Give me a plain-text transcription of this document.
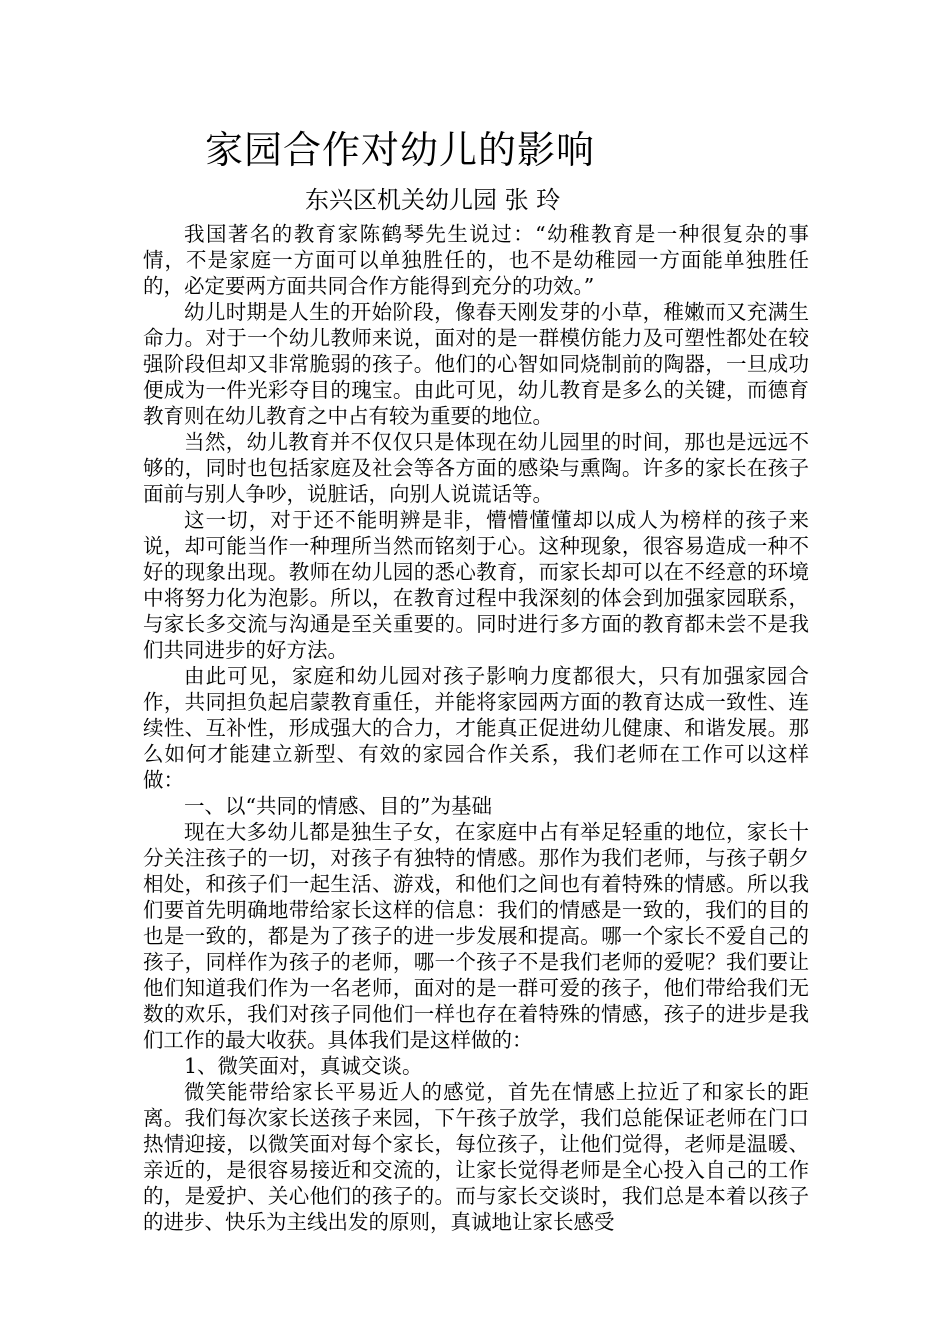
家园合作对幼儿的影响
东兴区机关幼儿园 张 玲

我国著名的教育家陈鹤琴先生说过：“幼稚教育是一种很复杂的事情，不是家庭一方面可以单独胜任的，也不是幼稚园一方面能单独胜任的，必定要两方面共同合作方能得到充分的功效。”

幼儿时期是人生的开始阶段，像春天刚发芽的小草，稚嫩而又充满生命力。对于一个幼儿教师来说，面对的是一群模仿能力及可塑性都处在较强阶段但却又非常脆弱的孩子。他们的心智如同烧制前的陶器，一旦成功便成为一件光彩夺目的瑰宝。由此可见，幼儿教育是多么的关键，而德育教育则在幼儿教育之中占有较为重要的地位。

当然，幼儿教育并不仅仅只是体现在幼儿园里的时间，那也是远远不够的，同时也包括家庭及社会等各方面的感染与熏陶。许多的家长在孩子面前与别人争吵，说脏话，向别人说谎话等。

这一切，对于还不能明辨是非，懵懵懂懂却以成人为榜样的孩子来说，却可能当作一种理所当然而铭刻于心。这种现象，很容易造成一种不好的现象出现。教师在幼儿园的悉心教育，而家长却可以在不经意的环境中将努力化为泡影。所以，在教育过程中我深刻的体会到加强家园联系，与家长多交流与沟通是至关重要的。同时进行多方面的教育都未尝不是我们共同进步的好方法。

由此可见，家庭和幼儿园对孩子影响力度都很大，只有加强家园合作，共同担负起启蒙教育重任，并能将家园两方面的教育达成一致性、连续性、互补性，形成强大的合力，才能真正促进幼儿健康、和谐发展。那么如何才能建立新型、有效的家园合作关系，我们老师在工作可以这样做：

一、以“共同的情感、目的”为基础

现在大多幼儿都是独生子女，在家庭中占有举足轻重的地位，家长十分关注孩子的一切，对孩子有独特的情感。那作为我们老师，与孩子朝夕相处，和孩子们一起生活、游戏，和他们之间也有着特殊的情感。所以我们要首先明确地带给家长这样的信息：我们的情感是一致的，我们的目的也是一致的，都是为了孩子的进一步发展和提高。哪一个家长不爱自己的孩子，同样作为孩子的老师，哪一个孩子不是我们老师的爱呢？我们要让他们知道我们作为一名老师，面对的是一群可爱的孩子，他们带给我们无数的欢乐，我们对孩子同他们一样也存在着特殊的情感，孩子的进步是我们工作的最大收获。具体我们是这样做的：

1、微笑面对，真诚交谈。

微笑能带给家长平易近人的感觉，首先在情感上拉近了和家长的距离。我们每次家长送孩子来园，下午孩子放学，我们总能保证老师在门口热情迎接，以微笑面对每个家长，每位孩子，让他们觉得，老师是温暖、亲近的，是很容易接近和交流的，让家长觉得老师是全心投入自己的工作的，是爱护、关心他们的孩子的。而与家长交谈时，我们总是本着以孩子的进步、快乐为主线出发的原则，真诚地让家长感受
